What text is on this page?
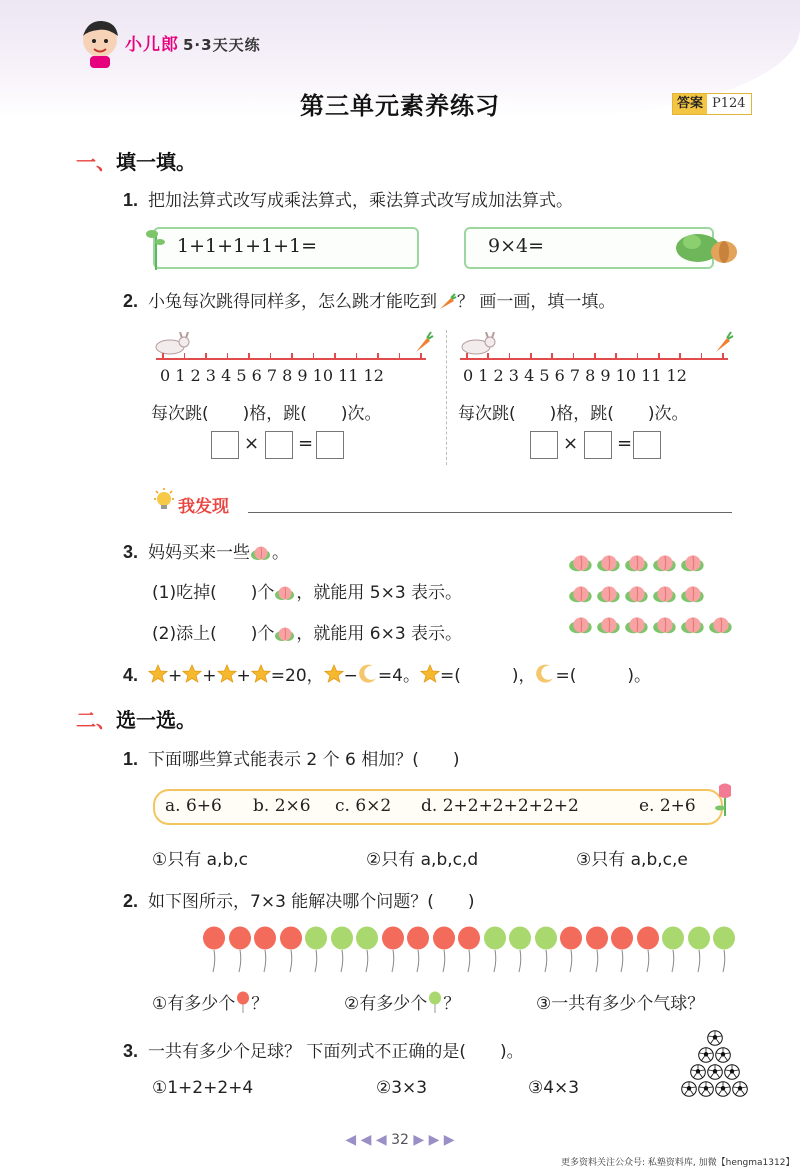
小儿郎 5·3天天练
第三单元素养练习	答案 P124
一、填一填。
1. 把加法算式改写成乘法算式，乘法算式改写成加法算式。
1+1+1+1+1=	9×4=
2. 小兔每次跳得同样多，怎么跳才能吃到 ？ 画一画，填一填。
0 1 2 3 4 5 6 7 8 9 10 11 12
每次跳(　　)格，跳(　　)次。
× =
0 1 2 3 4 5 6 7 8 9 10 11 12
每次跳(　　)格，跳(　　)次。
× =
我发现
3. 妈妈买来一些 。
(1)吃掉(　　)个 ，就能用 5×3 表示。
(2)添上(　　)个 ，就能用 6×3 表示。
4. + + + =20， − =4。 =(　　　)， =(　　　)。
二、选一选。
1. 下面哪些算式能表示 2 个 6 相加？(　　)
a. 6+6 b. 2×6 c. 6×2 d. 2+2+2+2+2+2	e. 2+6
①只有 a,b,c	②只有 a,b,c,d	③只有 a,b,c,e
2. 如下图所示，7×3 能解决哪个问题？(　　)
①有多少个 ？	②有多少个 ？	③一共有多少个气球？
3. 一共有多少个足球？ 下面列式不正确的是(　　)。
①1+2+2+4	②3×3	③4×3
◀ ◀ ◀ 32 ▶ ▶ ▶
更多资料关注公众号: 私塾资料库, 加微【hengma1312】
